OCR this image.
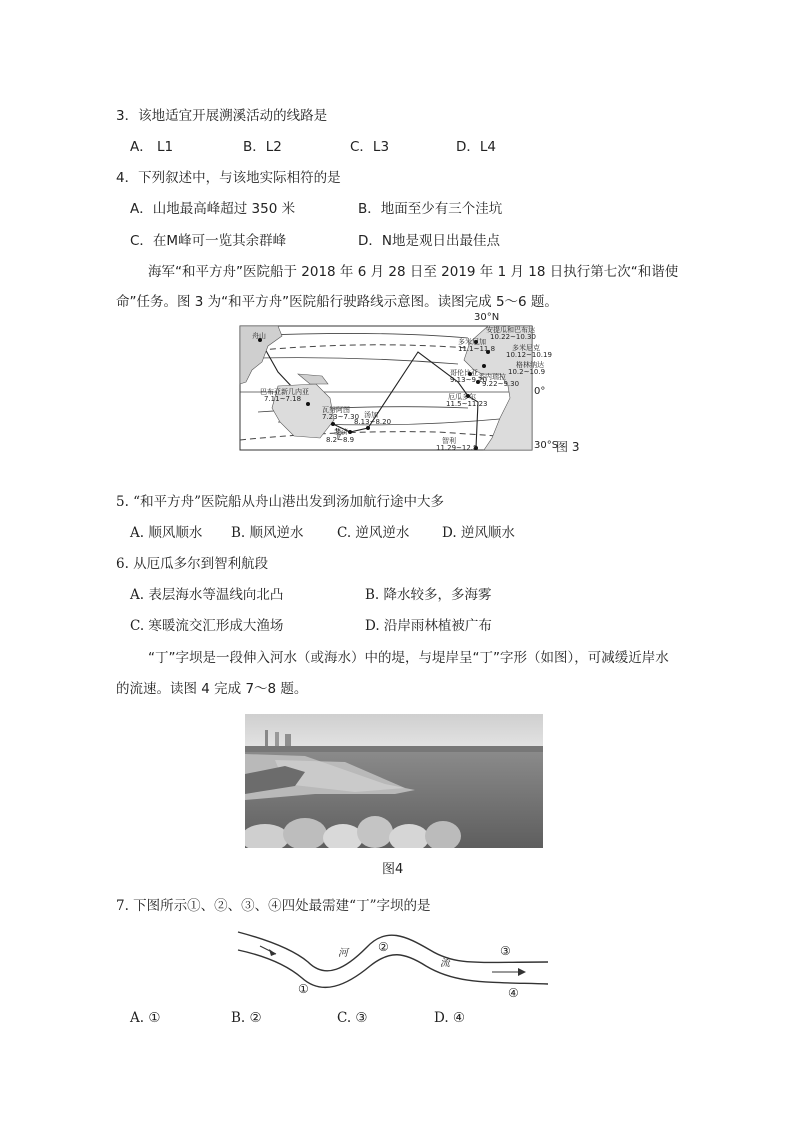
3．该地适宜开展溯溪活动的线路是
A． L1	B．L2	C．L3	D．L4
4．下列叙述中，与该地实际相符的是
A．山地最高峰超过 350 米	B．地面至少有三个洼坑
C．在M峰可一览其余群峰	D．N地是观日出最佳点
海军“和平方舟”医院船于 2018 年 6 月 28 日至 2019 年 1 月 18 日执行第七次“和谐使
命”任务。图 3 为“和平方舟”医院船行驶路线示意图。读图完成 5～6 题。
30°N
0°
30°S
图 3
舟山
巴布亚新几内亚
7.11~7.18
瓦努阿图
7.23~7.30
斐济
8.2~8.9
汤加
8.13~8.20
哥伦比亚
9.13~9.20
委内瑞拉
9.22~9.30
格林纳达
10.2~10.9
多米尼克
10.12~10.19
安提瓜和巴布达
10.22~10.30
多米尼加
11.1~11.8
厄瓜多尔
11.5~11.23
智利
11.29~12.8
5. “和平方舟”医院船从舟山港出发到汤加航行途中大多
A. 顺风顺水 B. 顺风逆水 C. 逆风逆水 D. 逆风顺水
6. 从厄瓜多尔到智利航段
A. 表层海水等温线向北凸	B. 降水较多，多海雾
C. 寒暖流交汇形成大渔场	D. 沿岸雨林植被广布
“丁”字坝是一段伸入河水（或海水）中的堤，与堤岸呈“丁”字形（如图），可减缓近岸水
的流速。读图 4 完成 7～8 题。
图4
7. 下图所示①、②、③、④四处最需建“丁”字坝的是
河
流
①
②	③
④
A. ①	B. ②	C. ③	D. ④
